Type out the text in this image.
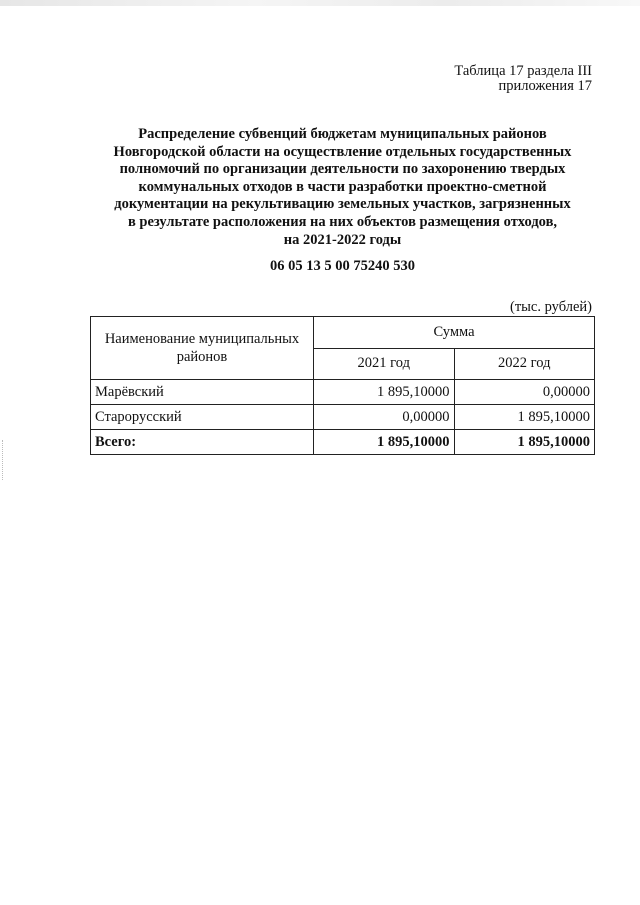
Таблица 17 раздела III
приложения 17
Распределение субвенций бюджетам муниципальных районов
Новгородской области на осуществление отдельных государственных
полномочий по организации деятельности по захоронению твердых
коммунальных отходов в части разработки проектно-сметной
документации на рекультивацию земельных участков, загрязненных
в результате расположения на них объектов размещения отходов,
на 2021-2022 годы
06 05 13 5 00 75240 530
(тыс. рублей)
Наименование муниципальных районов	Сумма	
	2021 год	2022 год
Марёвский	1 895,10000	0,00000
Старорусский	0,00000	1 895,10000
Всего:	1 895,10000	1 895,10000
